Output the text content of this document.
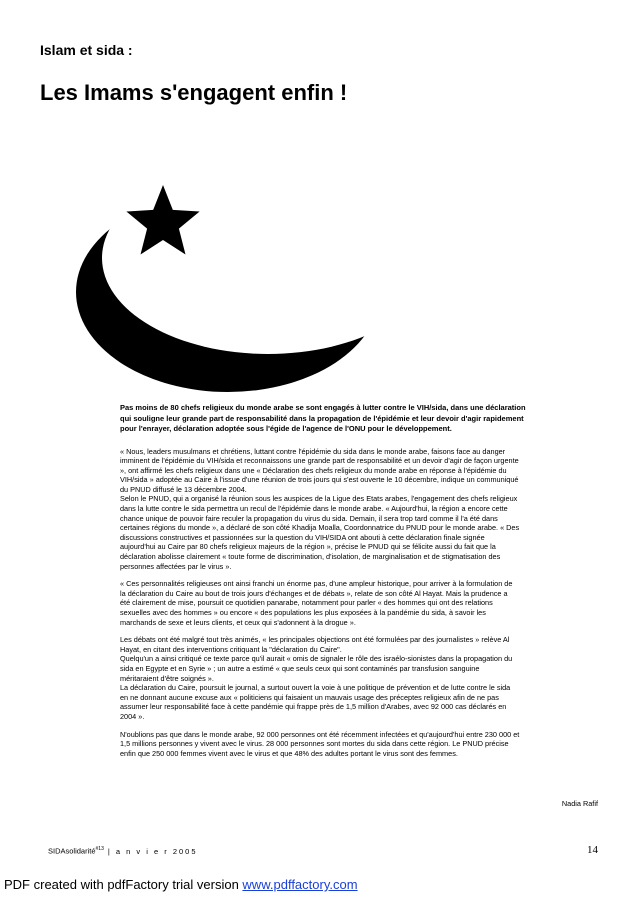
Islam et sida :
Les Imams s'engagent enfin !

Pas moins de 80 chefs religieux du monde arabe se sont engagés à lutter contre le VIH/sida, dans une déclaration
qui souligne leur grande part de responsabilité dans la propagation de l'épidémie et leur devoir d'agir rapidement
pour l'enrayer, déclaration adoptée sous l'égide de l'agence de l'ONU pour le développement.

« Nous, leaders musulmans et chrétiens, luttant contre l'épidémie du sida dans le monde arabe, faisons face au danger
imminent de l'épidémie du VIH/sida et reconnaissons une grande part de responsabilité et un devoir d'agir de façon urgente
», ont affirmé les chefs religieux dans une « Déclaration des chefs religieux du monde arabe en réponse à l'épidémie du
VIH/sida » adoptée au Caire à l'issue d'une réunion de trois jours qui s'est ouverte le 10 décembre, indique un communiqué
du PNUD diffusé le 13 décembre 2004.
Selon le PNUD, qui a organisé la réunion sous les auspices de la Ligue des Etats arabes, l'engagement des chefs religieux
dans la lutte contre le sida permettra un recul de l'épidémie dans le monde arabe. « Aujourd'hui, la région a encore cette
chance unique de pouvoir faire reculer la propagation du virus du sida. Demain, il sera trop tard comme il l'a été dans
certaines régions du monde », a déclaré de son côté Khadija Moalla, Coordonnatrice du PNUD pour le monde arabe. « Des
discussions constructives et passionnées sur la question du VIH/SIDA ont abouti à cette déclaration finale signée
aujourd'hui au Caire par 80 chefs religieux majeurs de la région », précise le PNUD qui se félicite aussi du fait que la
déclaration abolisse clairement « toute forme de discrimination, d'isolation, de marginalisation et de stigmatisation des
personnes affectées par le virus ».

« Ces personnalités religieuses ont ainsi franchi un énorme pas, d'une ampleur historique, pour arriver à la formulation de
la déclaration du Caire au bout de trois jours d'échanges et de débats », relate de son côté Al Hayat. Mais la prudence a
été clairement de mise, poursuit ce quotidien panarabe, notamment pour parler « des hommes qui ont des relations
sexuelles avec des hommes » ou encore « des populations les plus exposées à la pandémie du sida, à savoir les
marchands de sexe et leurs clients, et ceux qui s'adonnent à la drogue ».

Les débats ont été malgré tout très animés, « les principales objections ont été formulées par des journalistes » relève Al
Hayat, en citant des interventions critiquant la "déclaration du Caire".
Quelqu'un a ainsi critiqué ce texte parce qu'il aurait « omis de signaler le rôle des israélo-sionistes dans la propagation du
sida en Egypte et en Syrie » ; un autre a estimé « que seuls ceux qui sont contaminés par transfusion sanguine
méritaraient d'être soignés ».
La déclaration du Caire, poursuit le journal, a surtout ouvert la voie à une politique de prévention et de lutte contre le sida
en ne donnant aucune excuse aux « politiciens qui faisaient un mauvais usage des préceptes religieux afin de ne pas
assumer leur responsabilité face à cette pandémie qui frappe près de 1,5 million d'Arabes, avec 92 000 cas déclarés en
2004 ».

N'oublions pas que dans le monde arabe, 92 000 personnes ont été récemment infectées et qu'aujourd'hui entre 230 000 et
1,5 millions personnes y vivent avec le virus. 28 000 personnes sont mortes du sida dans cette région. Le PNUD précise
enfin que 250 000 femmes vivent avec le virus et que 48% des adultes portant le virus sont des femmes.

Nadia Rafif
SIDAsolidarité$^{\#13}$ | a n v i e r 2005	14
PDF created with pdfFactory trial version www.pdffactory.com
